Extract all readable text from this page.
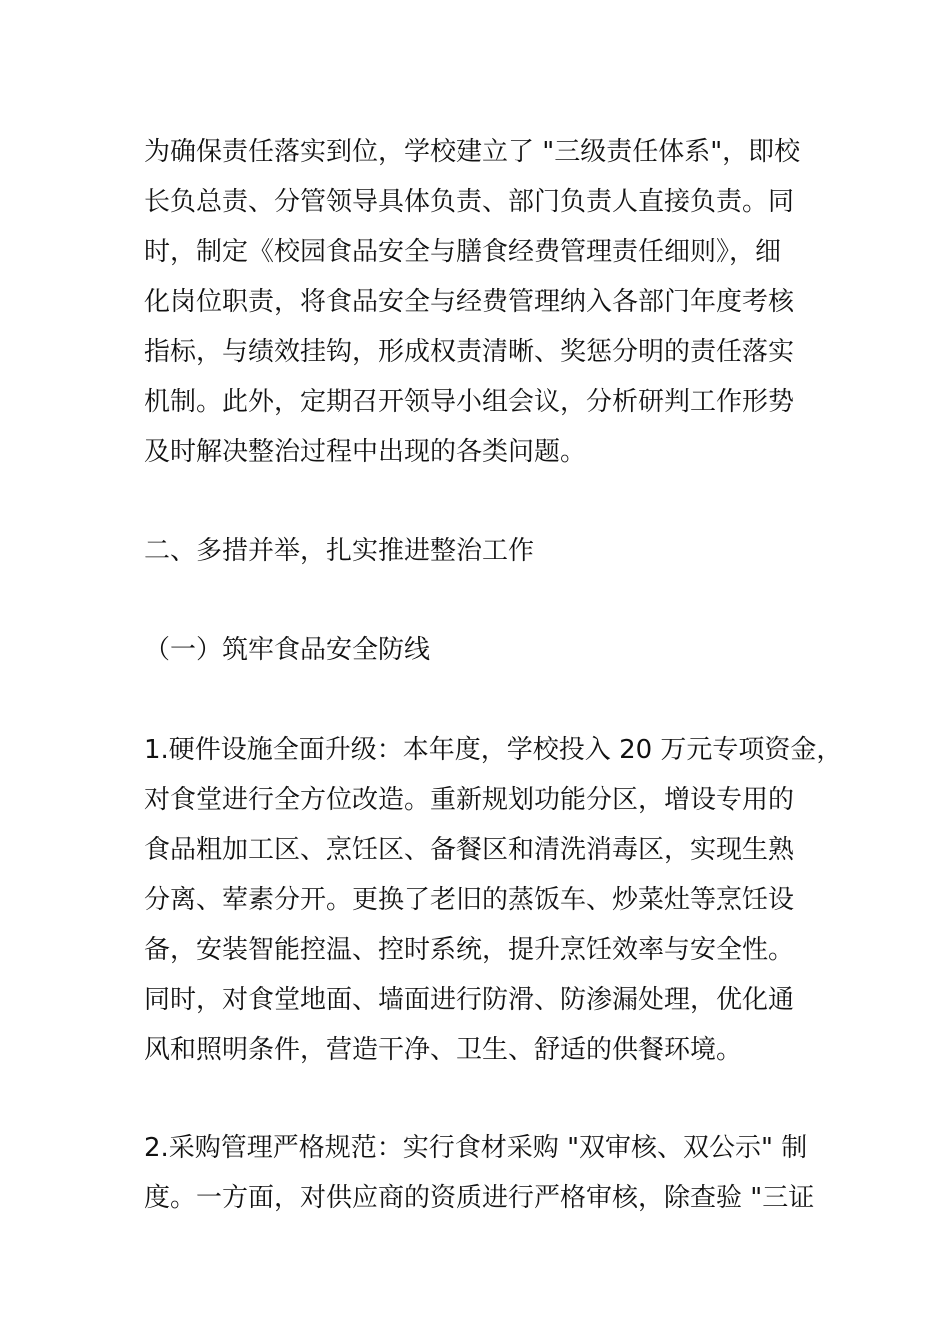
为确保责任落实到位，学校建立了 "三级责任体系"，即校
长负总责、分管领导具体负责、部门负责人直接负责。同
时，制定《校园食品安全与膳食经费管理责任细则》，细
化岗位职责，将食品安全与经费管理纳入各部门年度考核
指标，与绩效挂钩，形成权责清晰、奖惩分明的责任落实
机制。此外，定期召开领导小组会议，分析研判工作形势
及时解决整治过程中出现的各类问题。
二、多措并举，扎实推进整治工作
（一）筑牢食品安全防线
1.硬件设施全面升级：本年度，学校投入 20 万元专项资金，
对食堂进行全方位改造。重新规划功能分区，增设专用的
食品粗加工区、烹饪区、备餐区和清洗消毒区，实现生熟
分离、荤素分开。更换了老旧的蒸饭车、炒菜灶等烹饪设
备，安装智能控温、控时系统，提升烹饪效率与安全性。
同时，对食堂地面、墙面进行防滑、防渗漏处理，优化通
风和照明条件，营造干净、卫生、舒适的供餐环境。
2.采购管理严格规范：实行食材采购 "双审核、双公示" 制
度。一方面，对供应商的资质进行严格审核，除查验 "三证
